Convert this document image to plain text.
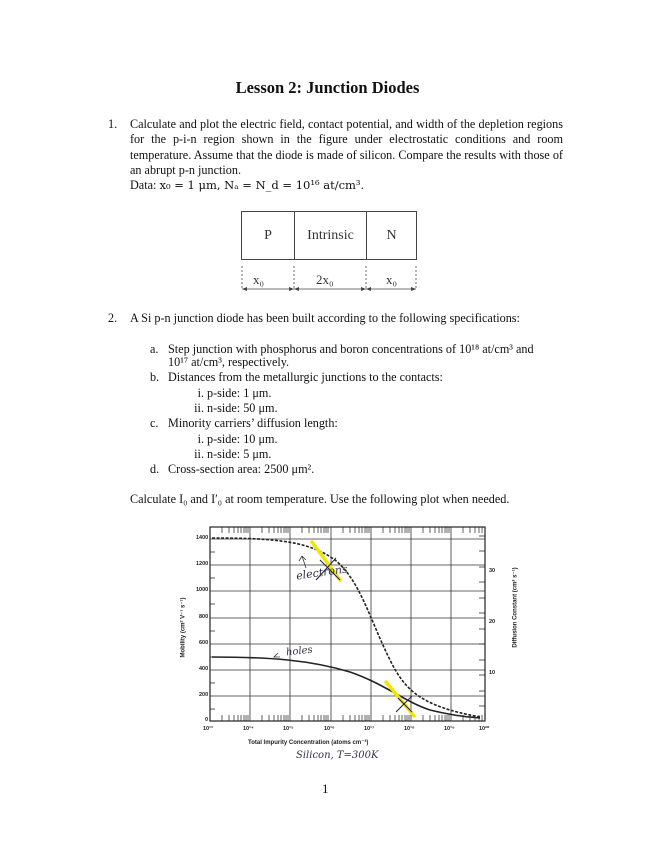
Lesson 2: Junction Diodes
1. Calculate and plot the electric field, contact potential, and width of the depletion regions for the p-i-n region shown in the figure under electrostatic conditions and room temperature. Assume that the diode is made of silicon. Compare the results with those of an abrupt p-n junction.
Data: x₀ = 1 μm, Nₐ = N_d = 10¹⁶ at/cm³.
P	Intrinsic	N
x₀	2x₀	x₀
2. A Si p-n junction diode has been built according to the following specifications:
a. Step junction with phosphorus and boron concentrations of 10¹⁸ at/cm³ and
10¹⁷ at/cm³, respectively.
b. Distances from the metallurgic junctions to the contacts:
i. p-side: 1 μm.
ii. n-side: 50 μm.
c. Minority carriers’ diffusion length:
i. p-side: 10 μm.
ii. n-side: 5 μm.
d. Cross-section area: 2500 μm².
Calculate I₀ and I′₀ at room temperature. Use the following plot when needed.
1400
1200
1000
800
600
400
200
0
10
20
30
10¹³	10¹⁴	10¹⁵	10¹⁶	10¹⁷	10¹⁸	10¹⁹	10²⁰
Total Impurity Concentration (atoms cm⁻³)
Mobility (cm² V⁻¹ s⁻¹)	Diffusion Constant (cm² s⁻¹)
electrons
holes
Silicon, T=300K
1
